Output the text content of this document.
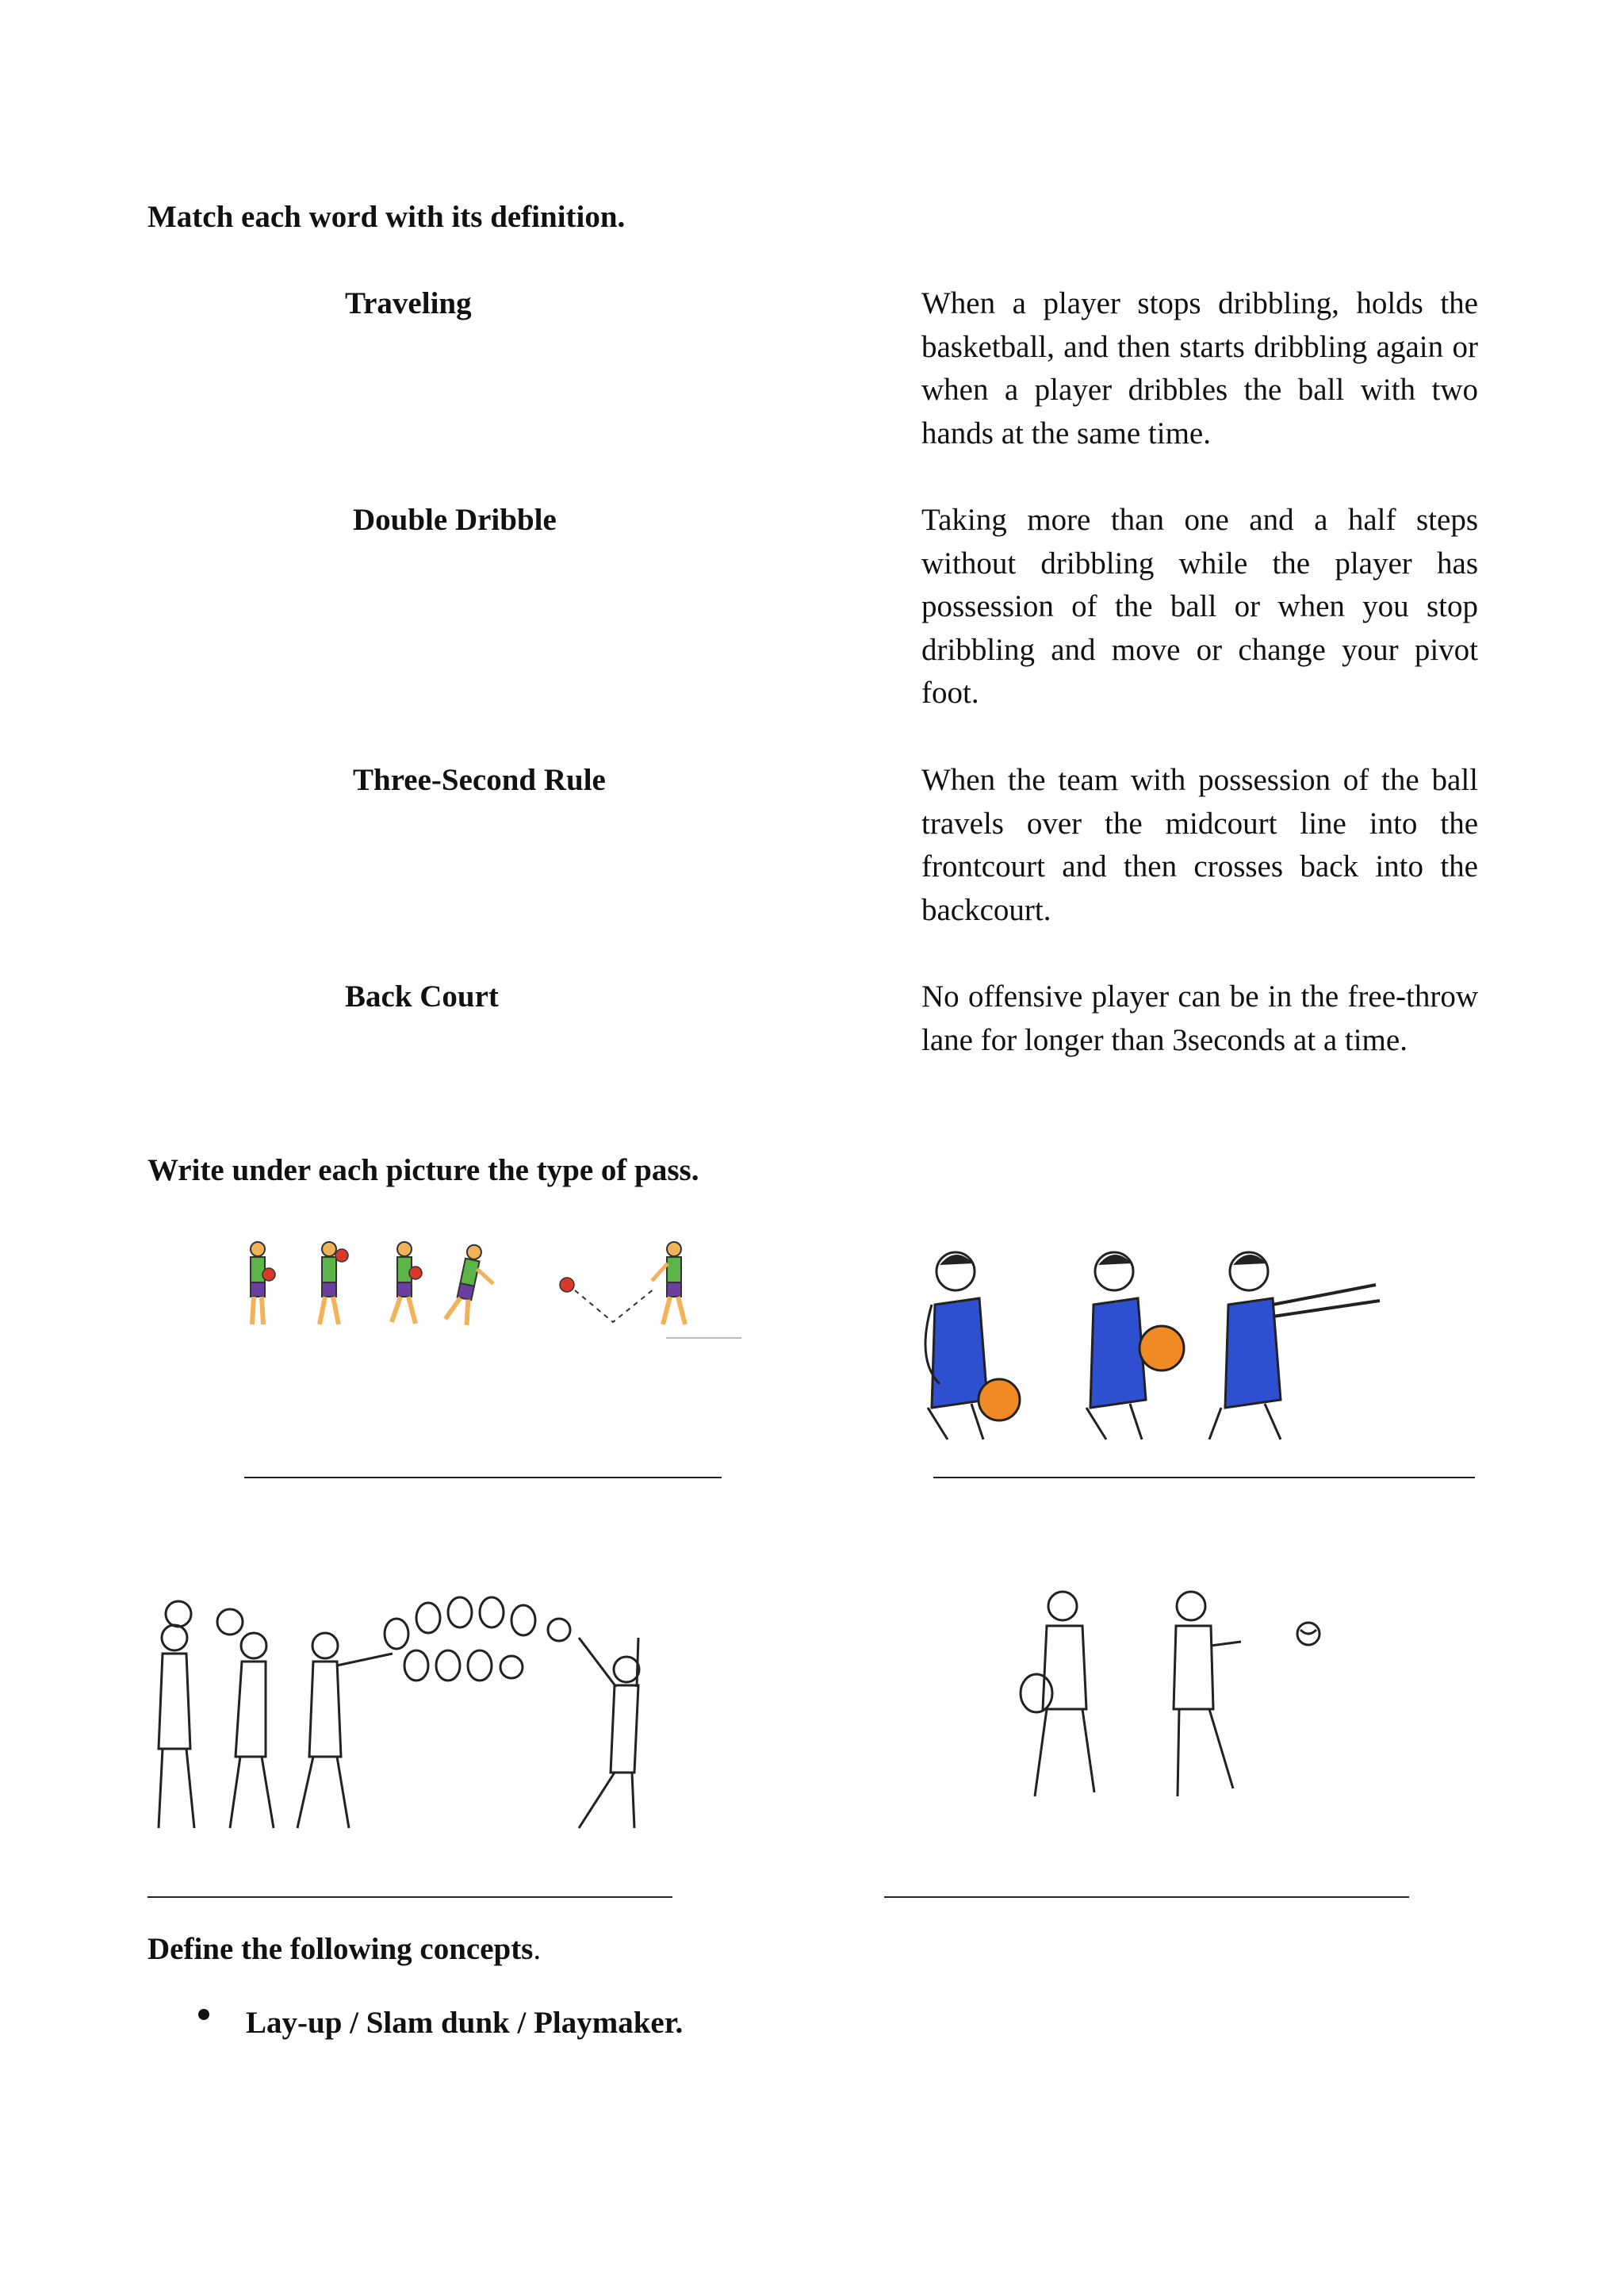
Match each word with its definition.
Traveling
Double Dribble
Three-Second Rule
Back Court
When a player stops dribbling, holds the basketball, and then starts dribbling again or when a player dribbles the ball with two hands at the same time.
Taking more than one and a half steps without dribbling while the player has possession of the ball or when you stop dribbling and move or change your pivot foot.
When the team with possession of the ball travels over the midcourt line into the frontcourt and then crosses back into the backcourt.
No offensive player can be in the free-throw lane for longer than 3seconds at a time.
Write under each picture the type of pass.
Define the following concepts.
Lay-up / Slam dunk / Playmaker.
